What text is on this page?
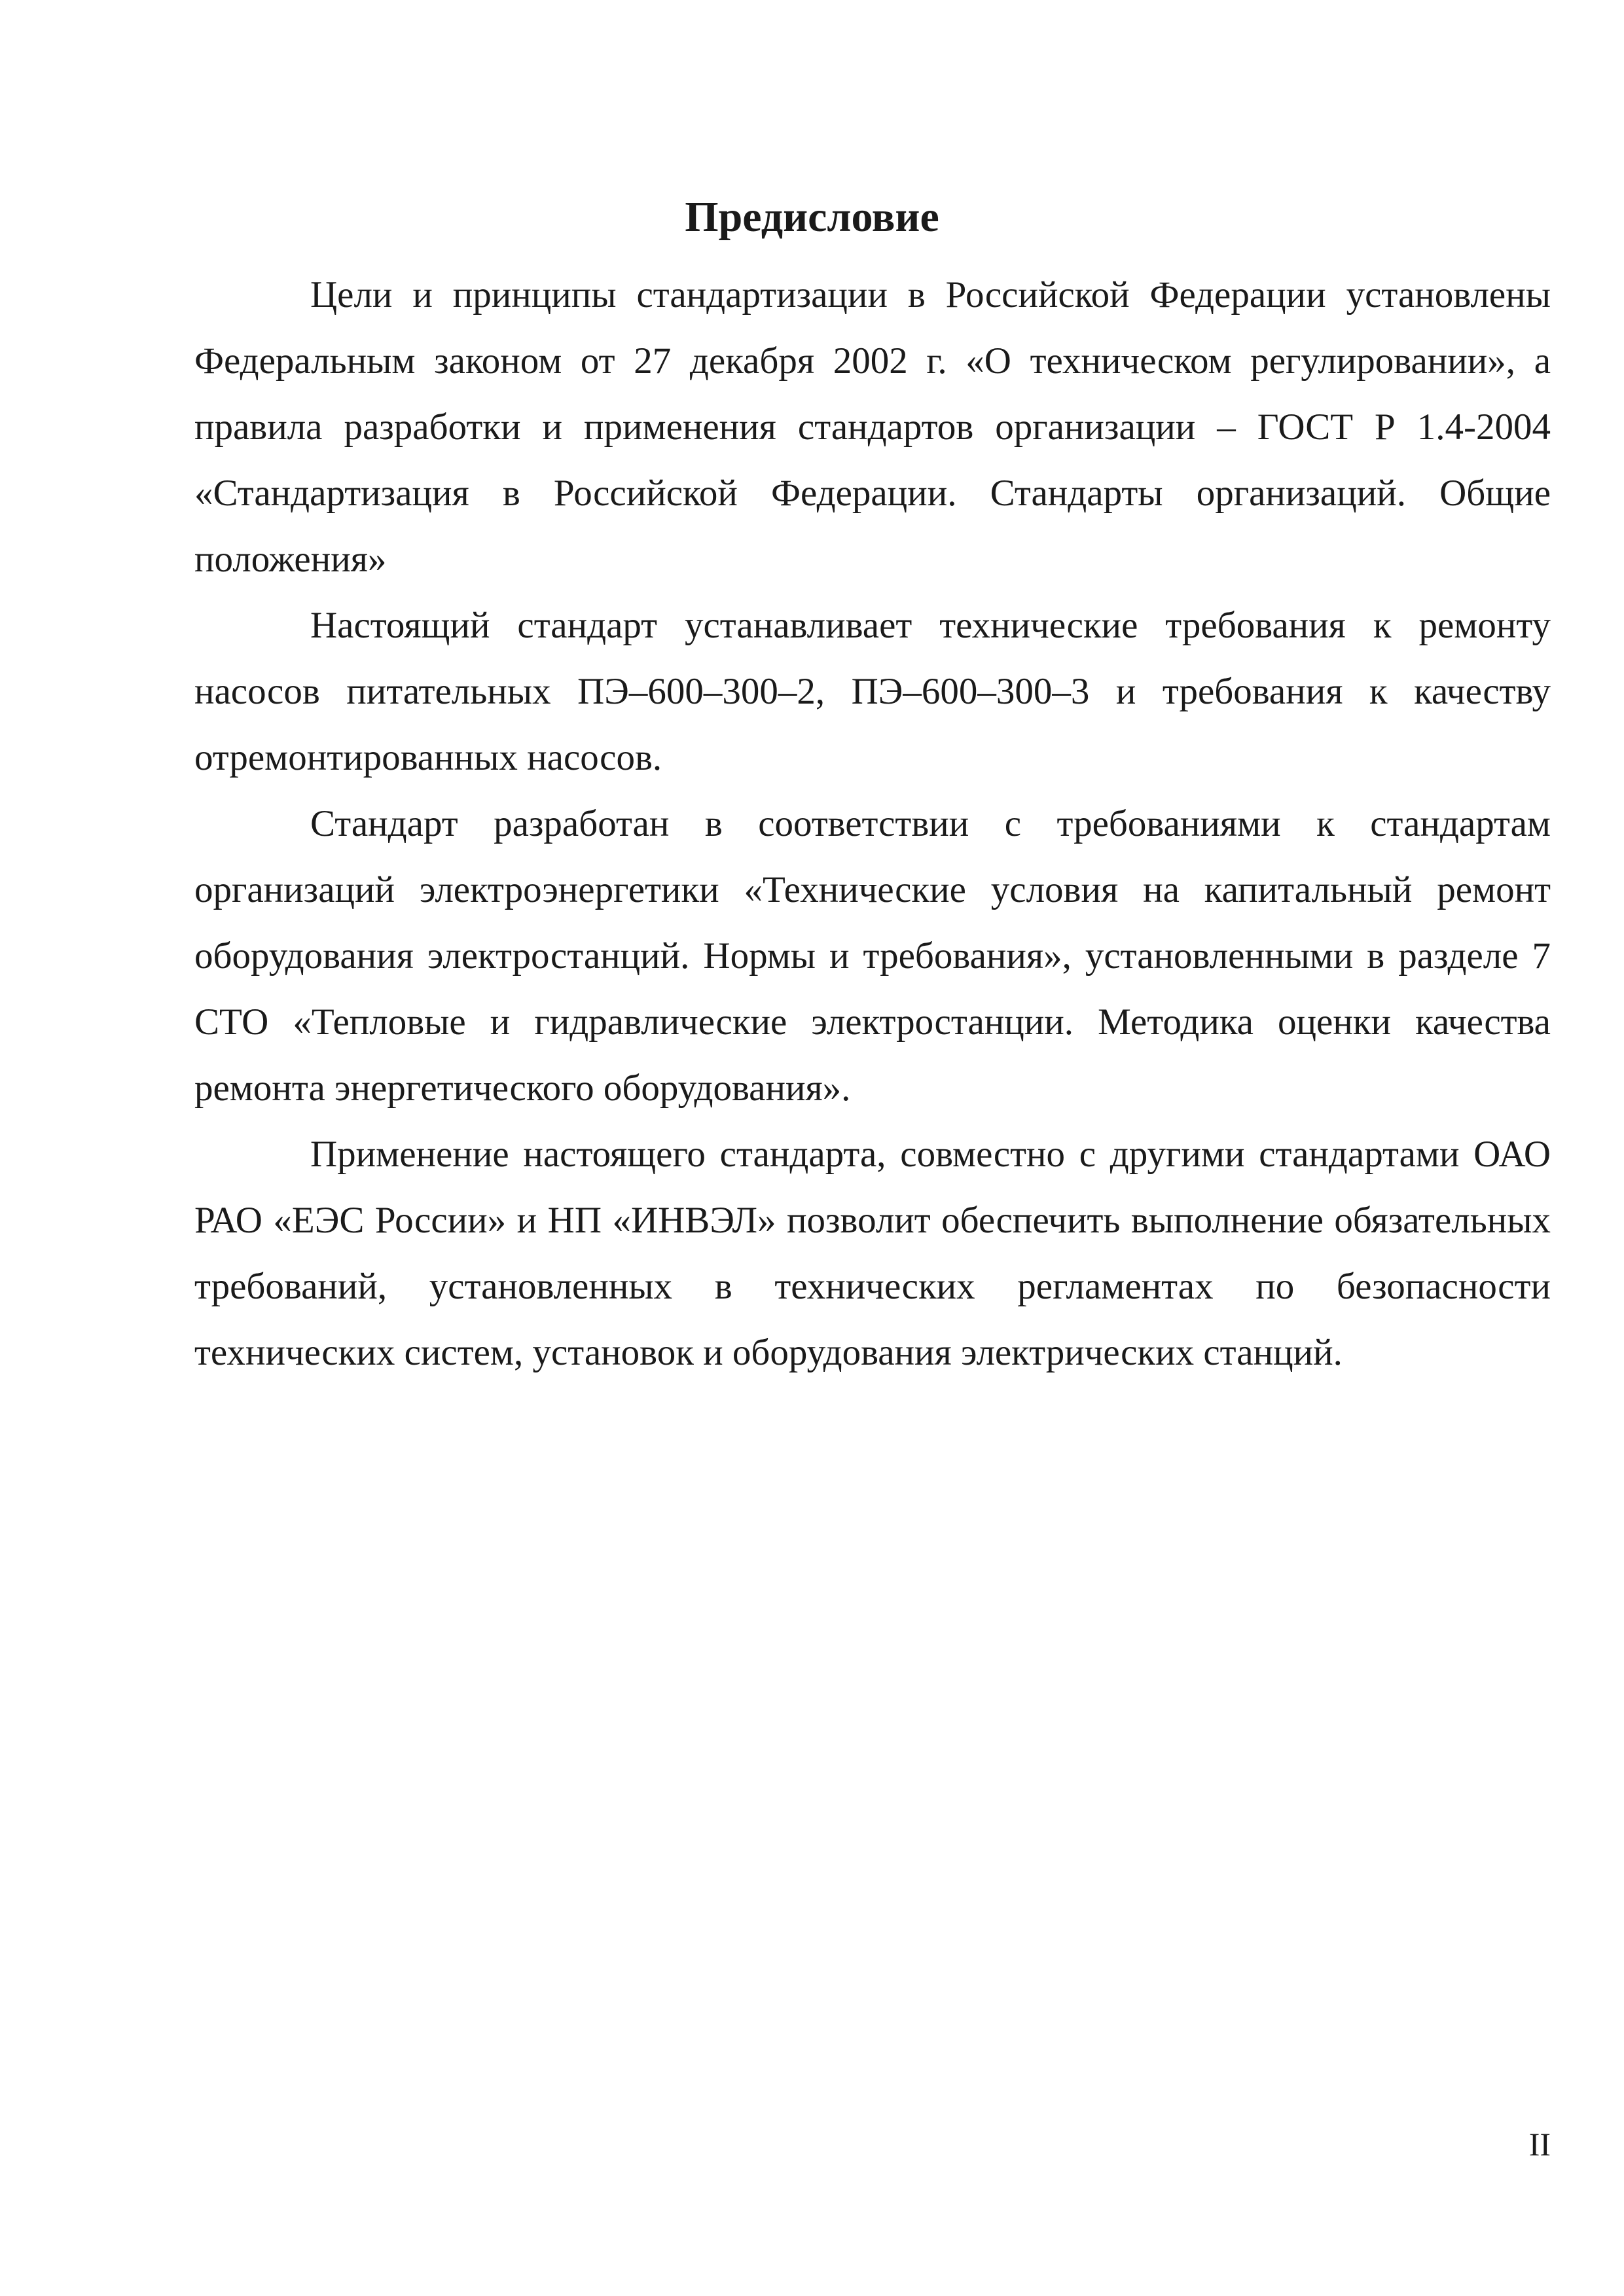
Предисловие

Цели и принципы стандартизации в Российской Федерации установлены Федеральным законом от 27 декабря 2002 г. «О техническом регулировании», а правила разработки и применения стандартов организации – ГОСТ Р 1.4-2004 «Стандартизация в Российской Федерации. Стандарты организаций. Общие положения»

Настоящий стандарт устанавливает технические требования к ремонту насосов питательных ПЭ–600–300–2, ПЭ–600–300–3 и требования к качеству отремонтированных насосов.

Стандарт разработан в соответствии с требованиями к стандартам организаций электроэнергетики «Технические условия на капитальный ремонт оборудования электростанций. Нормы и требования», установленными в разделе 7 СТО «Тепловые и гидравлические электростанции. Методика оценки качества ремонта энергетического оборудования».

Применение настоящего стандарта, совместно с другими стандартами ОАО РАО «ЕЭС России» и НП «ИНВЭЛ» позволит обеспечить выполнение обязательных требований, установленных в технических регламентах по безопасности технических систем, установок и оборудования электрических станций.

II
